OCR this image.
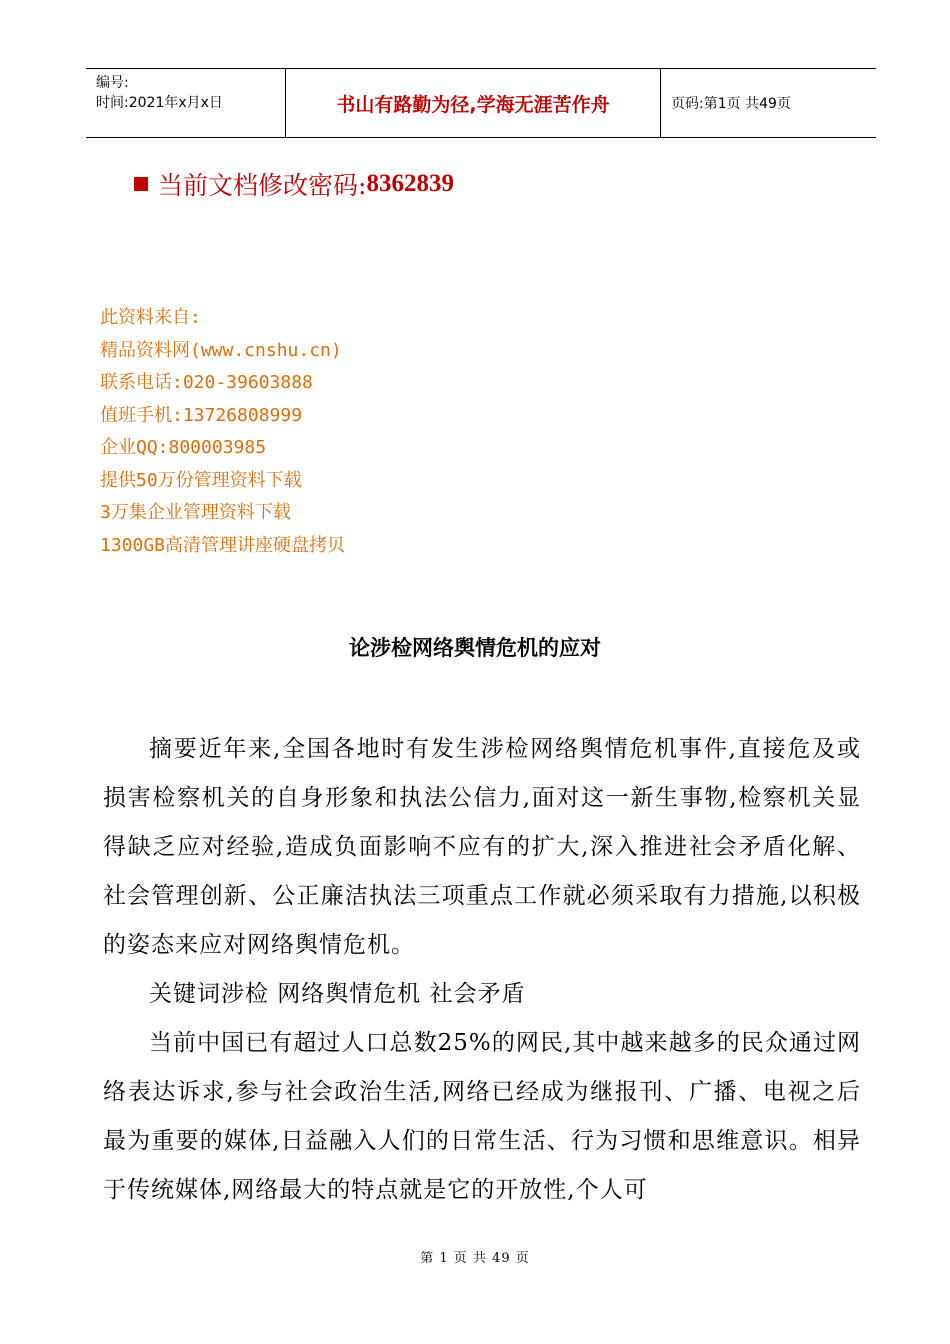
编号:
时间:2021年x月x日	书山有路勤为径,学海无涯苦作舟	页码:第1页 共49页
当前文档修改密码: 8362839
此资料来自:
精品资料网(www.cnshu.cn)
联系电话:020-39603888
值班手机:13726808999
企业QQ:800003985
提供50万份管理资料下载
3万集企业管理资料下载
1300GB高清管理讲座硬盘拷贝
论涉检网络舆情危机的应对

摘要近年来,全国各地时有发生涉检网络舆情危机事件,直接危及或损害检察机关的自身形象和执法公信力,面对这一新生事物,检察机关显得缺乏应对经验,造成负面影响不应有的扩大,深入推进社会矛盾化解、社会管理创新、公正廉洁执法三项重点工作就必须采取有力措施,以积极的姿态来应对网络舆情危机。

关键词涉检 网络舆情危机 社会矛盾

当前中国已有超过人口总数25%的网民,其中越来越多的民众通过网络表达诉求,参与社会政治生活,网络已经成为继报刊、广播、电视之后最为重要的媒体,日益融入人们的日常生活、行为习惯和思维意识。相异于传统媒体,网络最大的特点就是它的开放性,个人可

第 1 页 共 49 页
